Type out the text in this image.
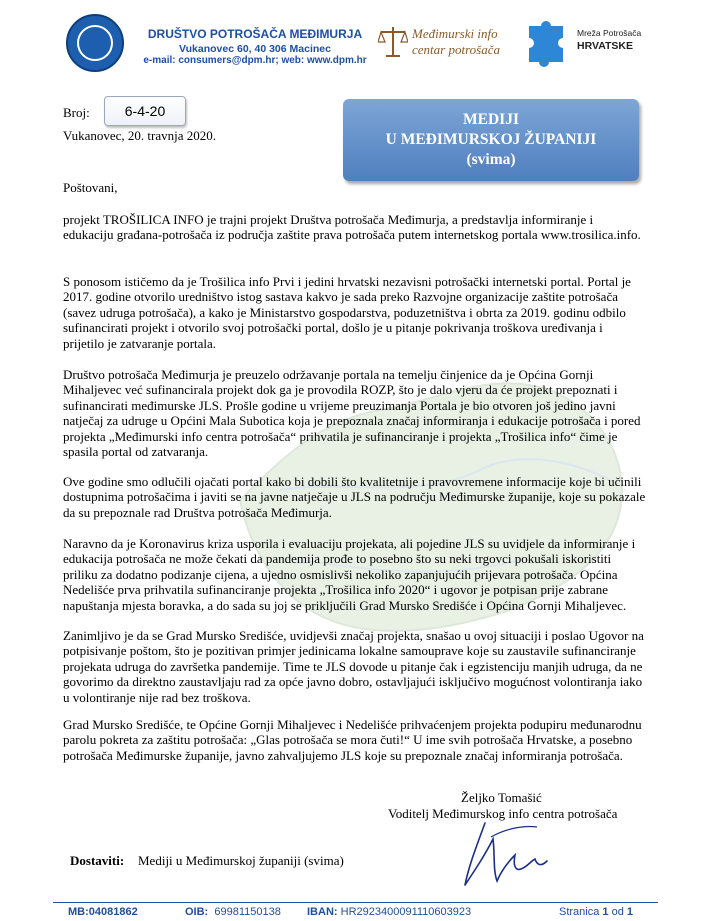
DRUŠTVO POTROŠAČA MEĐIMURJA
Vukanovec 60, 40 306 Macinec
e-mail: consumers@dpm.hr; web: www.dpm.hr
Međimurski info
centar potrošača
Mreža Potrošača
HRVATSKE
Broj:	6-4-20
Vukanovec, 20. travnja 2020.
MEDIJI
U MEĐIMURSKOJ ŽUPANIJI
(svima)
Poštovani,
projekt TROŠILICA INFO je trajni projekt Društva potrošača Međimurja, a predstavlja informiranje i edukaciju građana-potrošača iz područja zaštite prava potrošača putem internetskog portala www.trosilica.info.
S ponosom ističemo da je Trošilica info Prvi i jedini hrvatski nezavisni potrošački internetski portal. Portal je 2017. godine otvorilo uredništvo istog sastava kakvo je sada preko Razvojne organizacije zaštite potrošača (savez udruga potrošača), a kako je Ministarstvo gospodarstva, poduzetništva i obrta za 2019. godinu odbilo sufinancirati projekt i otvorilo svoj potrošački portal, došlo je u pitanje pokrivanja troškova uređivanja i prijetilo je zatvaranje portala.
Društvo potrošača Međimurja je preuzelo održavanje portala na temelju činjenice da je Općina Gornji Mihaljevec već sufinancirala projekt dok ga je provodila ROZP, što je dalo vjeru da će projekt prepoznati i sufinancirati međimurske JLS. Prošle godine u vrijeme preuzimanja Portala je bio otvoren još jedino javni natječaj za udruge u Općini Mala Subotica koja je prepoznala značaj informiranja i edukacije potrošača i pored projekta „Međimurski info centra potrošača“ prihvatila je sufinanciranje i projekta „Trošilica info“ čime je spasila portal od zatvaranja.
Ove godine smo odlučili ojačati portal kako bi dobili što kvalitetnije i pravovremene informacije koje bi učinili dostupnima potrošačima i javiti se na javne natječaje u JLS na području Međimurske županije, koje su pokazale da su prepoznale rad Društva potrošača Međimurja.
Naravno da je Koronavirus kriza usporila i evaluaciju projekata, ali pojedine JLS su uvidjele da informiranje i edukacija potrošača ne može čekati da pandemija prođe to posebno što su neki trgovci pokušali iskoristiti priliku za dodatno podizanje cijena, a ujedno osmislivši nekoliko zapanjujućih prijevara potrošača. Općina Nedelišće prva prihvatila sufinanciranje projekta „Trošilica info 2020“ i ugovor je potpisan prije zabrane napuštanja mjesta boravka, a do sada su joj se priključili Grad Mursko Središće i Općina Gornji Mihaljevec.
Zanimljivo je da se Grad Mursko Središće, uvidjevši značaj projekta, snašao u ovoj situaciji i poslao Ugovor na potpisivanje poštom, što je pozitivan primjer jedinicama lokalne samouprave koje su zaustavile sufinanciranje projekata udruga do završetka pandemije. Time te JLS dovode u pitanje čak i egzistenciju manjih udruga, da ne govorimo da direktno zaustavljaju rad za opće javno dobro, ostavljajući isključivo mogućnost volontiranja iako u volontiranje nije rad bez troškova.
Grad Mursko Središće, te Općine Gornji Mihaljevec i Nedelišće prihvaćenjem projekta podupiru međunarodnu parolu pokreta za zaštitu potrošača: „Glas potrošača se mora čuti!“ U ime svih potrošača Hrvatske, a posebno potrošača Međimurske županije, javno zahvaljujemo JLS koje su prepoznale značaj informiranja potrošača.
Željko Tomašić
Voditelj Međimurskog info centra potrošača
Dostaviti: Mediji u Međimurskoj županiji (svima)
MB:04081862	OIB: 69981150138 IBAN: HR2923400091110603923	Stranica 1 od 1
